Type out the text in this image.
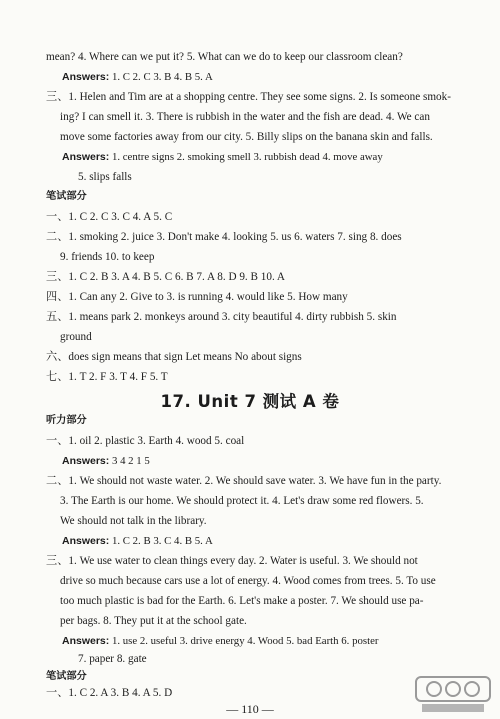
mean? 4. Where can we put it? 5. What can we do to keep our classroom clean?
Answers: 1. C 2. C 3. B 4. B 5. A
三、1. Helen and Tim are at a shopping centre. They see some signs. 2. Is someone smok-
ing? I can smell it. 3. There is rubbish in the water and the fish are dead. 4. We can
move some factories away from our city. 5. Billy slips on the banana skin and falls.
Answers: 1. centre signs 2. smoking smell 3. rubbish dead 4. move away
5. slips falls
笔试部分
一、1. C 2. C 3. C 4. A 5. C
二、1. smoking 2. juice 3. Don't make 4. looking 5. us 6. waters 7. sing 8. does
9. friends 10. to keep
三、1. C 2. B 3. A 4. B 5. C 6. B 7. A 8. D 9. B 10. A
四、1. Can any 2. Give to 3. is running 4. would like 5. How many
五、1. means park 2. monkeys around 3. city beautiful 4. dirty rubbish 5. skin
ground
六、does sign means that sign Let means No about signs
七、1. T 2. F 3. T 4. F 5. T
17. Unit 7 测试 A 卷
听力部分
一、1. oil 2. plastic 3. Earth 4. wood 5. coal
Answers: 3 4 2 1 5
二、1. We should not waste water. 2. We should save water. 3. We have fun in the party.
3. The Earth is our home. We should protect it. 4. Let's draw some red flowers. 5.
We should not talk in the library.
Answers: 1. C 2. B 3. C 4. B 5. A
三、1. We use water to clean things every day. 2. Water is useful. 3. We should not
drive so much because cars use a lot of energy. 4. Wood comes from trees. 5. To use
too much plastic is bad for the Earth. 6. Let's make a poster. 7. We should use pa-
per bags. 8. They put it at the school gate.
Answers: 1. use 2. useful 3. drive energy 4. Wood 5. bad Earth 6. poster
7. paper 8. gate
笔试部分
一、1. C 2. A 3. B 4. A 5. D
— 110 —
